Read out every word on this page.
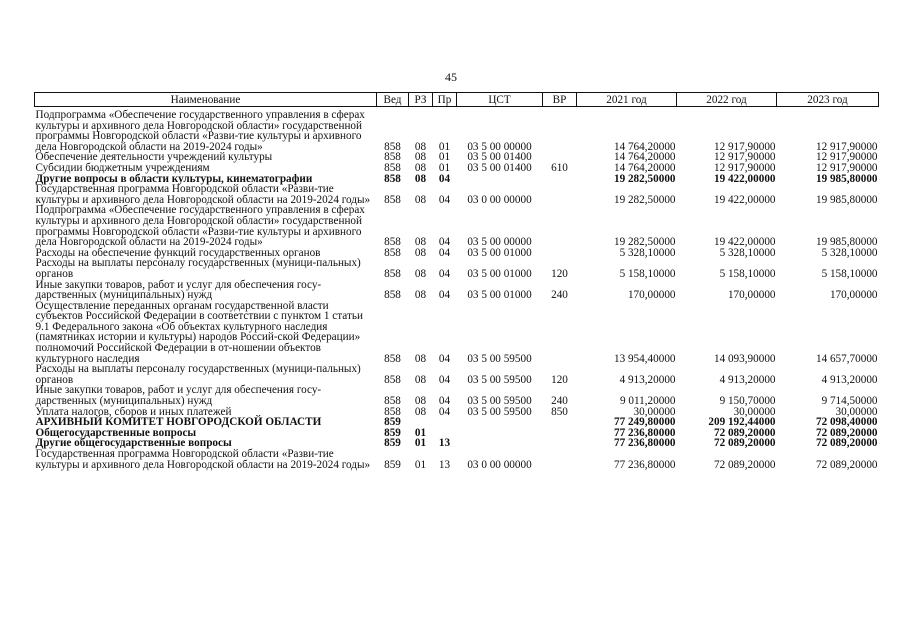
45
Наименование	Вед	РЗ	Пр	ЦСТ	ВР	2021 год	2022 год	2023 год
Подпрограмма «Обеспечение государственного управления в сферах культуры и архивного дела Новгородской области» государственной программы Новгородской области «Разви-тие культуры и архивного дела Новгородской области на 2019-2024 годы»	858	08	01	03 5 00 00000		14 764,20000	12 917,90000	12 917,90000
Обеспечение деятельности учреждений культуры	858	08	01	03 5 00 01400		14 764,20000	12 917,90000	12 917,90000
Субсидии бюджетным учреждениям	858	08	01	03 5 00 01400	610	14 764,20000	12 917,90000	12 917,90000
Другие вопросы в области культуры, кинематографии	858	08	04			19 282,50000	19 422,00000	19 985,80000
Государственная программа Новгородской области «Разви-тие культуры и архивного дела Новгородской области на 2019-2024 годы»	858	08	04	03 0 00 00000		19 282,50000	19 422,00000	19 985,80000
Подпрограмма «Обеспечение государственного управления в сферах культуры и архивного дела Новгородской области» государственной программы Новгородской области «Разви-тие культуры и архивного дела Новгородской области на 2019-2024 годы»	858	08	04	03 5 00 00000		19 282,50000	19 422,00000	19 985,80000
Расходы на обеспечение функций государственных органов	858	08	04	03 5 00 01000		5 328,10000	5 328,10000	5 328,10000
Расходы на выплаты персоналу государственных (муници-пальных) органов	858	08	04	03 5 00 01000	120	5 158,10000	5 158,10000	5 158,10000
Иные закупки товаров, работ и услуг для обеспечения госу-дарственных (муниципальных) нужд	858	08	04	03 5 00 01000	240	170,00000	170,00000	170,00000
Осуществление переданных органам государственной власти субъектов Российской Федерации в соответствии с пунктом 1 статьи 9.1 Федерального закона «Об объектах культурного наследия (памятниках истории и культуры) народов Россий-ской Федерации» полномочий Российской Федерации в от-ношении объектов культурного наследия	858	08	04	03 5 00 59500		13 954,40000	14 093,90000	14 657,70000
Расходы на выплаты персоналу государственных (муници-пальных) органов	858	08	04	03 5 00 59500	120	4 913,20000	4 913,20000	4 913,20000
Иные закупки товаров, работ и услуг для обеспечения госу-дарственных (муниципальных) нужд	858	08	04	03 5 00 59500	240	9 011,20000	9 150,70000	9 714,50000
Уплата налогов, сборов и иных платежей	858	08	04	03 5 00 59500	850	30,00000	30,00000	30,00000
АРХИВНЫЙ КОМИТЕТ НОВГОРОДСКОЙ ОБЛАСТИ	859					77 249,80000	209 192,44000	72 098,40000
Общегосударственные вопросы	859	01				77 236,80000	72 089,20000	72 089,20000
Другие общегосударственные вопросы	859	01	13			77 236,80000	72 089,20000	72 089,20000
Государственная программа Новгородской области «Разви-тие культуры и архивного дела Новгородской области на 2019-2024 годы»	859	01	13	03 0 00 00000		77 236,80000	72 089,20000	72 089,20000
